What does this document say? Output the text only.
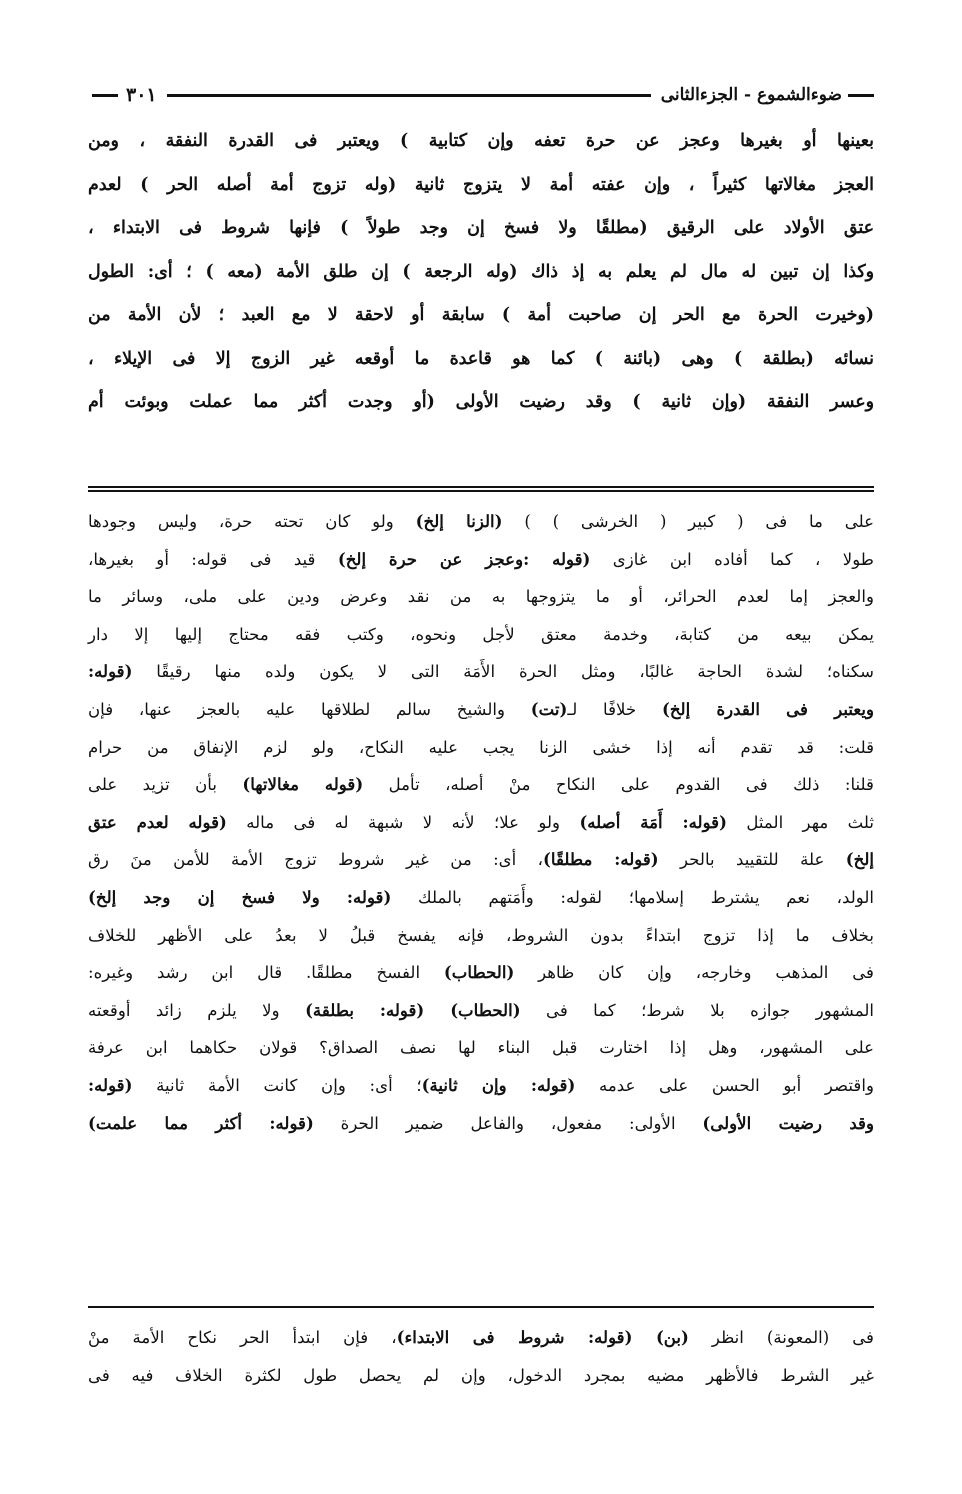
ضوءالشموع - الجزءالثانى
٣٠١
بعينها أو بغيرها وعجز عن حرة تعفه وإن كتابية ) ويعتبر فى القدرة النفقة ، ومن
العجز مغالاتها كثيراً ، وإن عفته أمة لا يتزوج ثانية (وله تزوج أمة أصله الحر ) لعدم
عتق الأولاد على الرقيق (مطلقًا ولا فسخ إن وجد طولاً ) فإنها شروط فى الابتداء ،
وكذا إن تبين له مال لم يعلم به إذ ذاك (وله الرجعة ) إن طلق الأمة (معه ) ؛ أى: الطول
(وخيرت الحرة مع الحر إن صاحبت أمة ) سابقة أو لاحقة لا مع العبد ؛ لأن الأمة من
نسائه (بطلقة ) وهى (بائنة ) كما هو قاعدة ما أوقعه غير الزوج إلا فى الإيلاء ،
وعسر النفقة (وإن ثانية ) وقد رضيت الأولى (أو وجدت أكثر مما عملت وبوئت أم
على ما فى ( كبير ( الخرشى ) ) (الزنا إلخ) ولو كان تحته حرة، وليس وجودها
طولا ، كما أفاده ابن غازى (قوله :وعجز عن حرة إلخ) قيد فى قوله: أو بغيرها،
والعجز إما لعدم الحرائر، أو ما يتزوجها به من نقد وعرض ودين على ملى، وسائر ما
يمكن بيعه من كتابة، وخدمة معتق لأجل ونحوه، وكتب فقه محتاج إليها إلا دار
سكناه؛ لشدة الحاجة غالبًا، ومثل الحرة الأَمَة التى لا يكون ولده منها رقيقًا (قوله:
ويعتبر فى القدرة إلخ) خلافًا لـ(تت) والشيخ سالم لطلاقها عليه بالعجز عنها، فإن
قلت: قد تقدم أنه إذا خشى الزنا يجب عليه النكاح، ولو لزم الإنفاق من حرام
قلنا: ذلك فى القدوم على النكاح منْ أصله، تأمل (قوله مغالاتها) بأن تزيد على
ثلث مهر المثل (قوله: أَمَة أصله) ولو علا؛ لأنه لا شبهة له فى ماله (قوله لعدم عتق
إلخ) علة للتقييد بالحر (قوله: مطلقًا)، أى: من غير شروط تزوج الأمة للأمن منَ رق
الولد، نعم يشترط إسلامها؛ لقوله: وأَمَتهم بالملك (قوله: ولا فسخ إن وجد إلخ)
بخلاف ما إذا تزوج ابتداءً بدون الشروط، فإنه يفسخ قبلُ لا بعدُ على الأظهر للخلاف
فى المذهب وخارجه، وإن كان ظاهر (الحطاب) الفسخ مطلقًا. قال ابن رشد وغيره:
المشهور جوازه بلا شرط؛ كما فى (الحطاب) (قوله: بطلقة) ولا يلزم زائد أوقعته
على المشهور، وهل إذا اختارت قبل البناء لها نصف الصداق؟ قولان حكاهما ابن عرفة
واقتصر أبو الحسن على عدمه (قوله: وإن ثانية)؛ أى: وإن كانت الأمة ثانية (قوله:
وقد رضيت الأولى) الأولى: مفعول، والفاعل ضمير الحرة (قوله: أكثر مما علمت)
فى (المعونة) انظر (بن) (قوله: شروط فى الابتداء)، فإن ابتدأ الحر نكاح الأمة منْ
غير الشرط فالأظهر مضيه بمجرد الدخول، وإن لم يحصل طول لكثرة الخلاف فيه فى
